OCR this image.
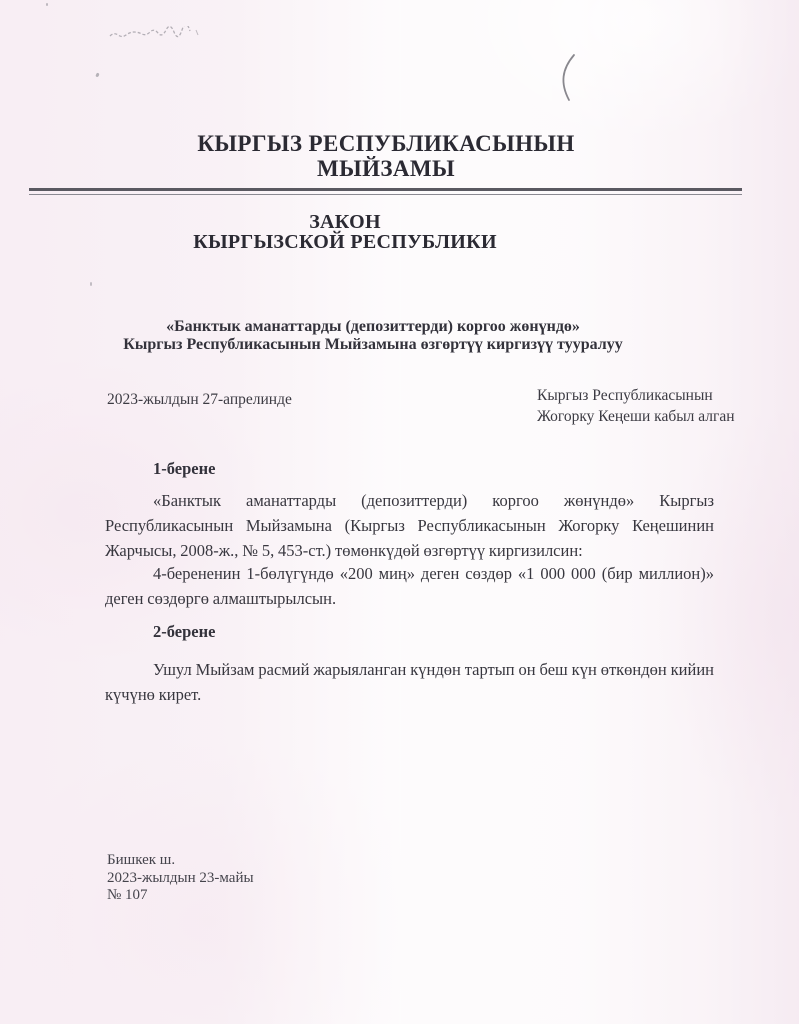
КЫРГЫЗ РЕСПУБЛИКАСЫНЫН
МЫЙЗАМЫ
ЗАКОН
КЫРГЫЗСКОЙ РЕСПУБЛИКИ
«Банктык аманаттарды (депозиттерди) коргоо жөнүндө»
Кыргыз Республикасынын Мыйзамына өзгөртүү киргизүү тууралуу
2023-жылдын 27-апрелинде	Кыргыз Республикасынын
Жогорку Кеңеши кабыл алган
1-берене

«Банктык аманаттарды (депозиттерди) коргоо жөнүндө» Кыргыз Республикасынын Мыйзамына (Кыргыз Республикасынын Жогорку Кеңешинин Жарчысы, 2008-ж., № 5, 453-ст.) төмөнкүдөй өзгөртүү киргизилсин:

4-берененин 1-бөлүгүндө «200 миң» деген сөздөр «1 000 000 (бир миллион)» деген сөздөргө алмаштырылсын.

2-берене

Ушул Мыйзам расмий жарыяланган күндөн тартып он беш күн өткөндөн кийин күчүнө кирет.

Бишкек ш.
2023-жылдын 23-майы
№ 107
